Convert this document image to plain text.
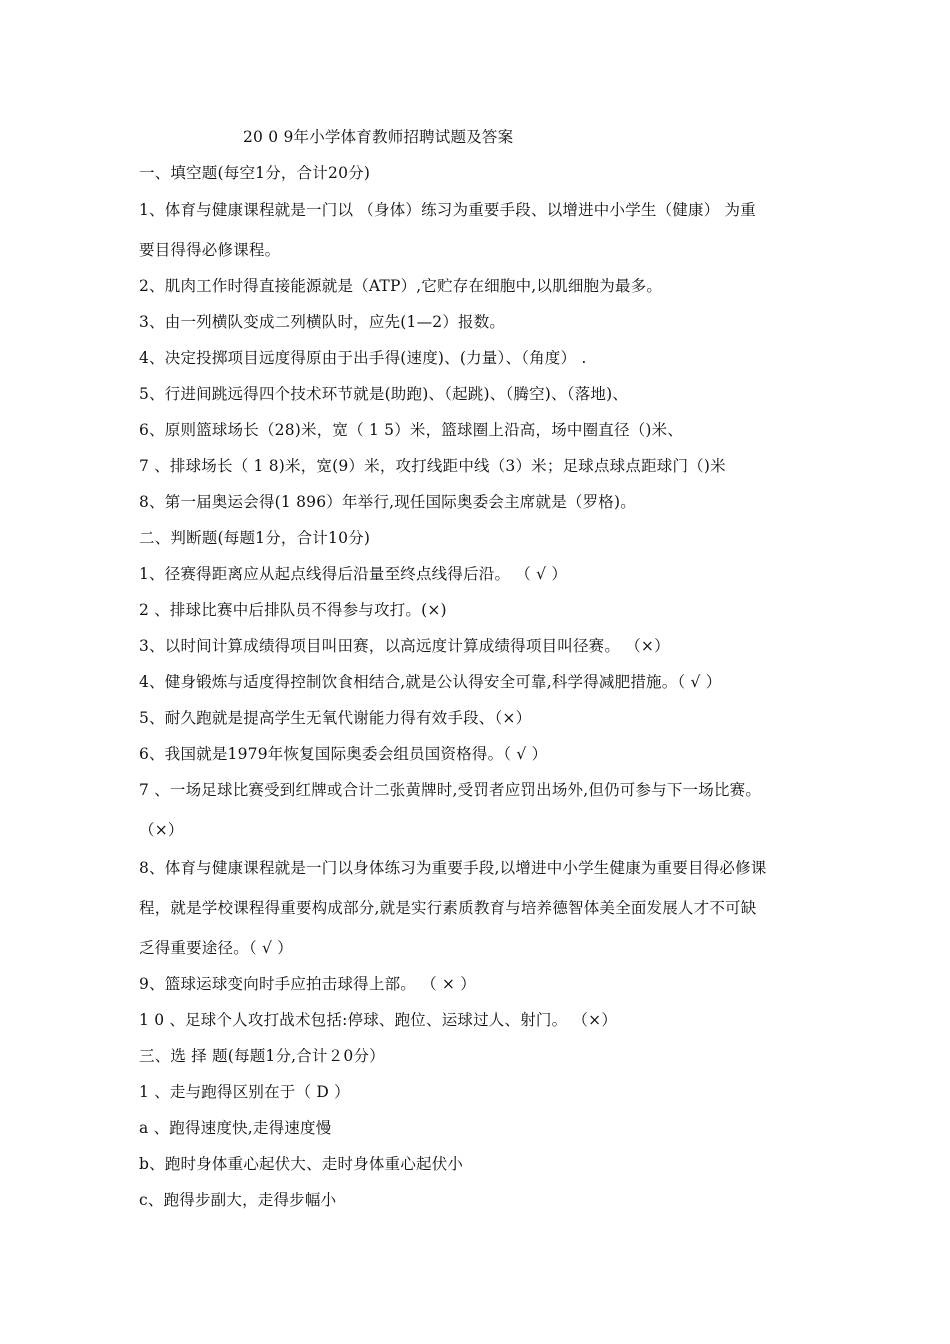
20 0 9年小学体育教师招聘试题及答案
一、填空题(每空1分，合计20分)
1、体育与健康课程就是一门以 （身体）练习为重要手段、以增进中小学生（健康） 为重
要目得得必修课程。
2、肌肉工作时得直接能源就是（ATP）,它贮存在细胞中,以肌细胞为最多。
3、由一列横队变成二列横队时，应先(1—2）报数。
4、决定投掷项目远度得原由于出手得(速度)、(力量）、（角度） .
5、行进间跳远得四个技术环节就是(助跑)、（起跳)、（腾空)、（落地)、
6、原则篮球场长（28)米，宽（ 1 5）米，篮球圈上沿高，场中圈直径（)米、
7 、排球场长（ 1 8)米，宽(9）米，攻打线距中线（3）米；足球点球点距球门（)米
8、第一届奥运会得(1 896）年举行,现任国际奥委会主席就是（罗格)。
二、判断题(每题1分，合计10分)
1、径赛得距离应从起点线得后沿量至终点线得后沿。 （ √ ）
2 、排球比赛中后排队员不得参与攻打。(×)
3、以时间计算成绩得项目叫田赛，以高远度计算成绩得项目叫径赛。 （×）
4、健身锻炼与适度得控制饮食相结合,就是公认得安全可靠,科学得减肥措施。（ √ ）
5、耐久跑就是提高学生无氧代谢能力得有效手段、（×）
6、我国就是1979年恢复国际奥委会组员国资格得。（ √ ）
7 、一场足球比赛受到红牌或合计二张黄牌时,受罚者应罚出场外,但仍可参与下一场比赛。
（×）
8、体育与健康课程就是一门以身体练习为重要手段,以增进中小学生健康为重要目得必修课
程，就是学校课程得重要构成部分,就是实行素质教育与培养德智体美全面发展人才不可缺
乏得重要途径。（ √ ）
9、篮球运球变向时手应拍击球得上部。 （ × ）
1 0 、足球个人攻打战术包括:停球、跑位、运球过人、射门。 （×）
三、选 择 题(每题1分,合计２0分）
1 、走与跑得区别在于（ D ）
a 、跑得速度快,走得速度慢
b、跑时身体重心起伏大、走时身体重心起伏小
c、跑得步副大，走得步幅小
